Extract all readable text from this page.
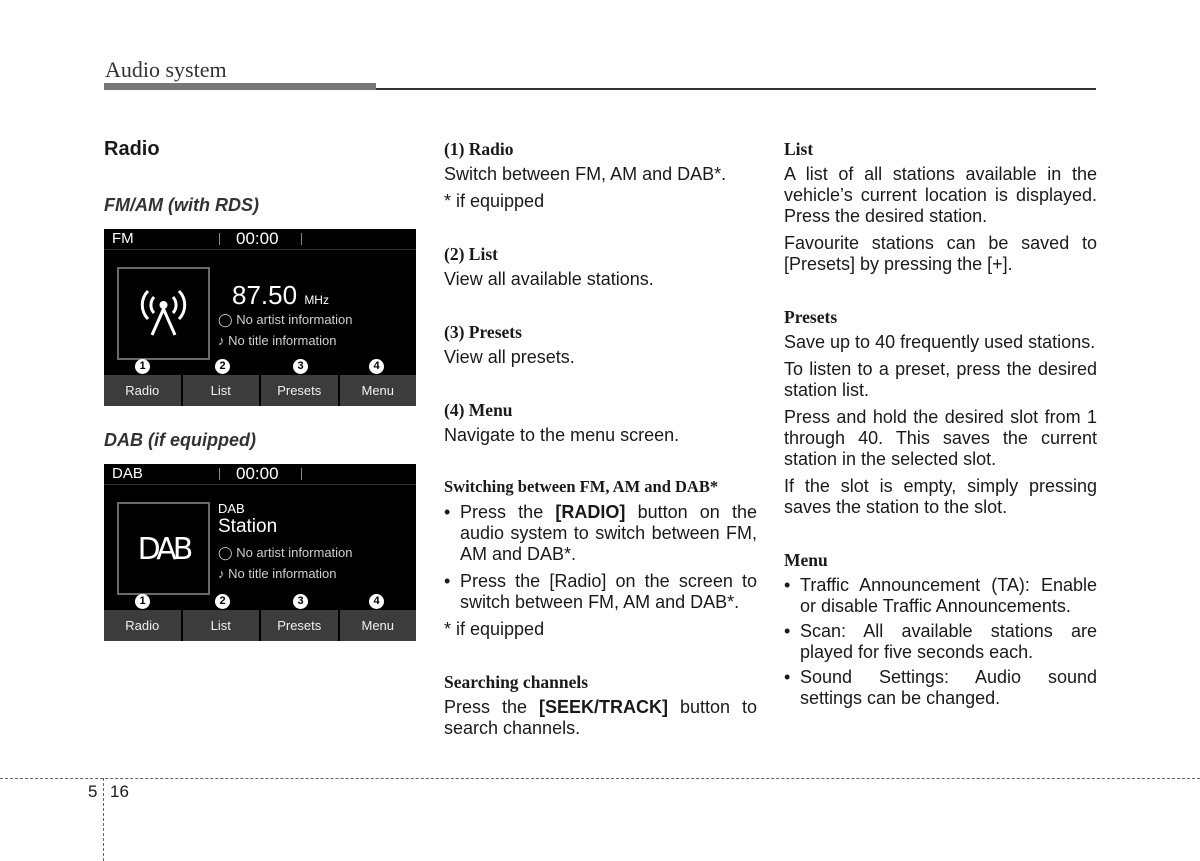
Audio system
Radio

FM/AM (with RDS)

FM	00:00
87.50 MHz
◯ No artist information
♪ No title information
1	2	3	4
Radio	List	Presets	Menu

DAB (if equipped)

DAB	00:00
DAB
DAB
Station
◯ No artist information
♪ No title information
1	2	3	4
Radio	List	Presets	Menu

(1) Radio

Switch between FM, AM and DAB*.

* if equipped

(2) List

View all available stations.

(3) Presets

View all presets.

(4) Menu

Navigate to the menu screen.

Switching between FM, AM and DAB*

• Press the [RADIO] button on the audio system to switch between FM, AM and DAB*.
• Press the [Radio] on the screen to switch between FM, AM and DAB*.

* if equipped

Searching channels

Press the [SEEK/TRACK] button to search channels.

List

A list of all stations available in the vehicle’s current location is displayed. Press the desired station.

Favourite stations can be saved to [Presets] by pressing the [+].

Presets

Save up to 40 frequently used stations.

To listen to a preset, press the desired station list.

Press and hold the desired slot from 1 through 40. This saves the current station in the selected slot.

If the slot is empty, simply pressing saves the station to the slot.

Menu

• Traffic Announcement (TA): Enable or disable Traffic Announcements.
• Scan: All available stations are played for five seconds each.
• Sound Settings: Audio sound settings can be changed.
5 16
